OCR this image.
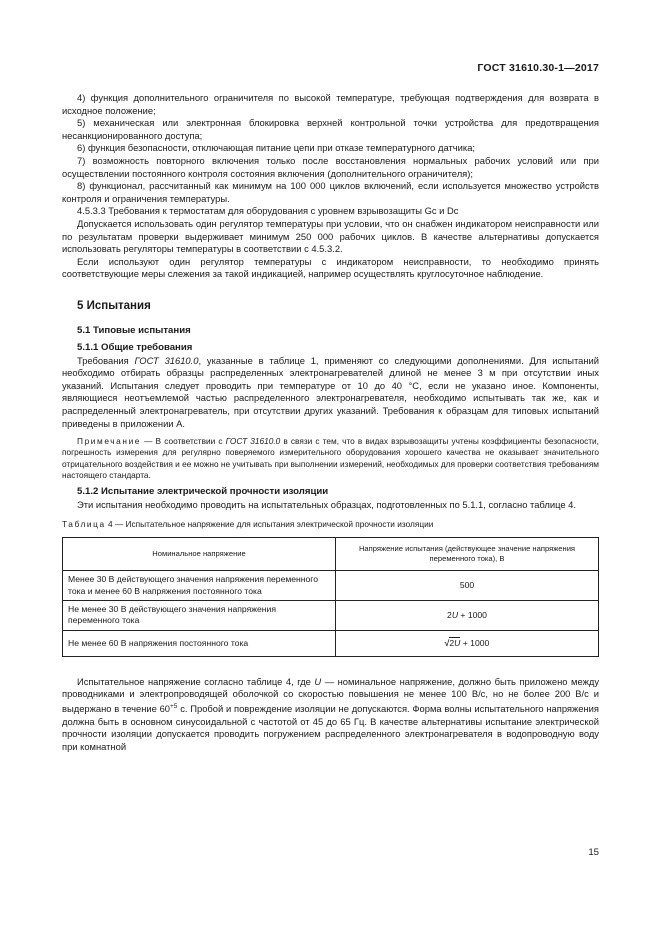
ГОСТ 31610.30-1—2017

4) функция дополнительного ограничителя по высокой температуре, требующая подтверждения для возврата в исходное положение;

5) механическая или электронная блокировка верхней контрольной точки устройства для предотвращения несанкционированного доступа;

6) функция безопасности, отключающая питание цепи при отказе температурного датчика;

7) возможность повторного включения только после восстановления нормальных рабочих условий или при осуществлении постоянного контроля состояния включения (дополнительного ограничителя);

8) функционал, рассчитанный как минимум на 100 000 циклов включений, если используется множество устройств контроля и ограничения температуры.

4.5.3.3 Требования к термостатам для оборудования с уровнем взрывозащиты Gc и Dc

Допускается использовать один регулятор температуры при условии, что он снабжен индикатором неисправности или по результатам проверки выдерживает минимум 250 000 рабочих циклов. В качестве альтернативы допускается использовать регуляторы температуры в соответствии с 4.5.3.2.

Если используют один регулятор температуры с индикатором неисправности, то необходимо принять соответствующие меры слежения за такой индикацией, например осуществлять круглосуточное наблюдение.

5 Испытания
5.1 Типовые испытания
5.1.1 Общие требования

Требования ГОСТ 31610.0, указанные в таблице 1, применяют со следующими дополнениями. Для испытаний необходимо отбирать образцы распределенных электронагревателей длиной не менее 3 м при отсутствии иных указаний. Испытания следует проводить при температуре от 10 до 40 °С, если не указано иное. Компоненты, являющиеся неотъемлемой частью распределенного электронагревателя, необходимо испытывать так же, как и распределенный электронагреватель, при отсутствии других указаний. Требования к образцам для типовых испытаний приведены в приложении А.

Примечание — В соответствии с ГОСТ 31610.0 в связи с тем, что в видах взрывозащиты учтены коэффициенты безопасности, погрешность измерения для регулярно поверяемого измерительного оборудования хорошего качества не оказывает значительного отрицательного воздействия и ее можно не учитывать при выполнении измерений, необходимых для проверки соответствия требованиям настоящего стандарта.

5.1.2 Испытание электрической прочности изоляции

Эти испытания необходимо проводить на испытательных образцах, подготовленных по 5.1.1, согласно таблице 4.

Таблица 4 — Испытательное напряжение для испытания электрической прочности изоляции
Номинальное напряжение	Напряжение испытания (действующее значение напряжения переменного тока), В
Менее 30 В действующего значения напряжения переменного тока и менее 60 В напряжения постоянного тока	500
Не менее 30 В действующего значения напряжения переменного тока	2U + 1000
Не менее 60 В напряжения постоянного тока	√2U + 1000

Испытательное напряжение согласно таблице 4, где U — номинальное напряжение, должно быть приложено между проводниками и электропроводящей оболочкой со скоростью повышения не менее 100 В/с, но не более 200 В/с и выдержано в течение $60^{+5}$ с. Пробой и повреждение изоляции не допускаются. Форма волны испытательного напряжения должна быть в основном синусоидальной с частотой от 45 до 65 Гц. В качестве альтернативы испытание электрической прочности изоляции допускается проводить погружением распределенного электронагревателя в водопроводную воду при комнатной

15
